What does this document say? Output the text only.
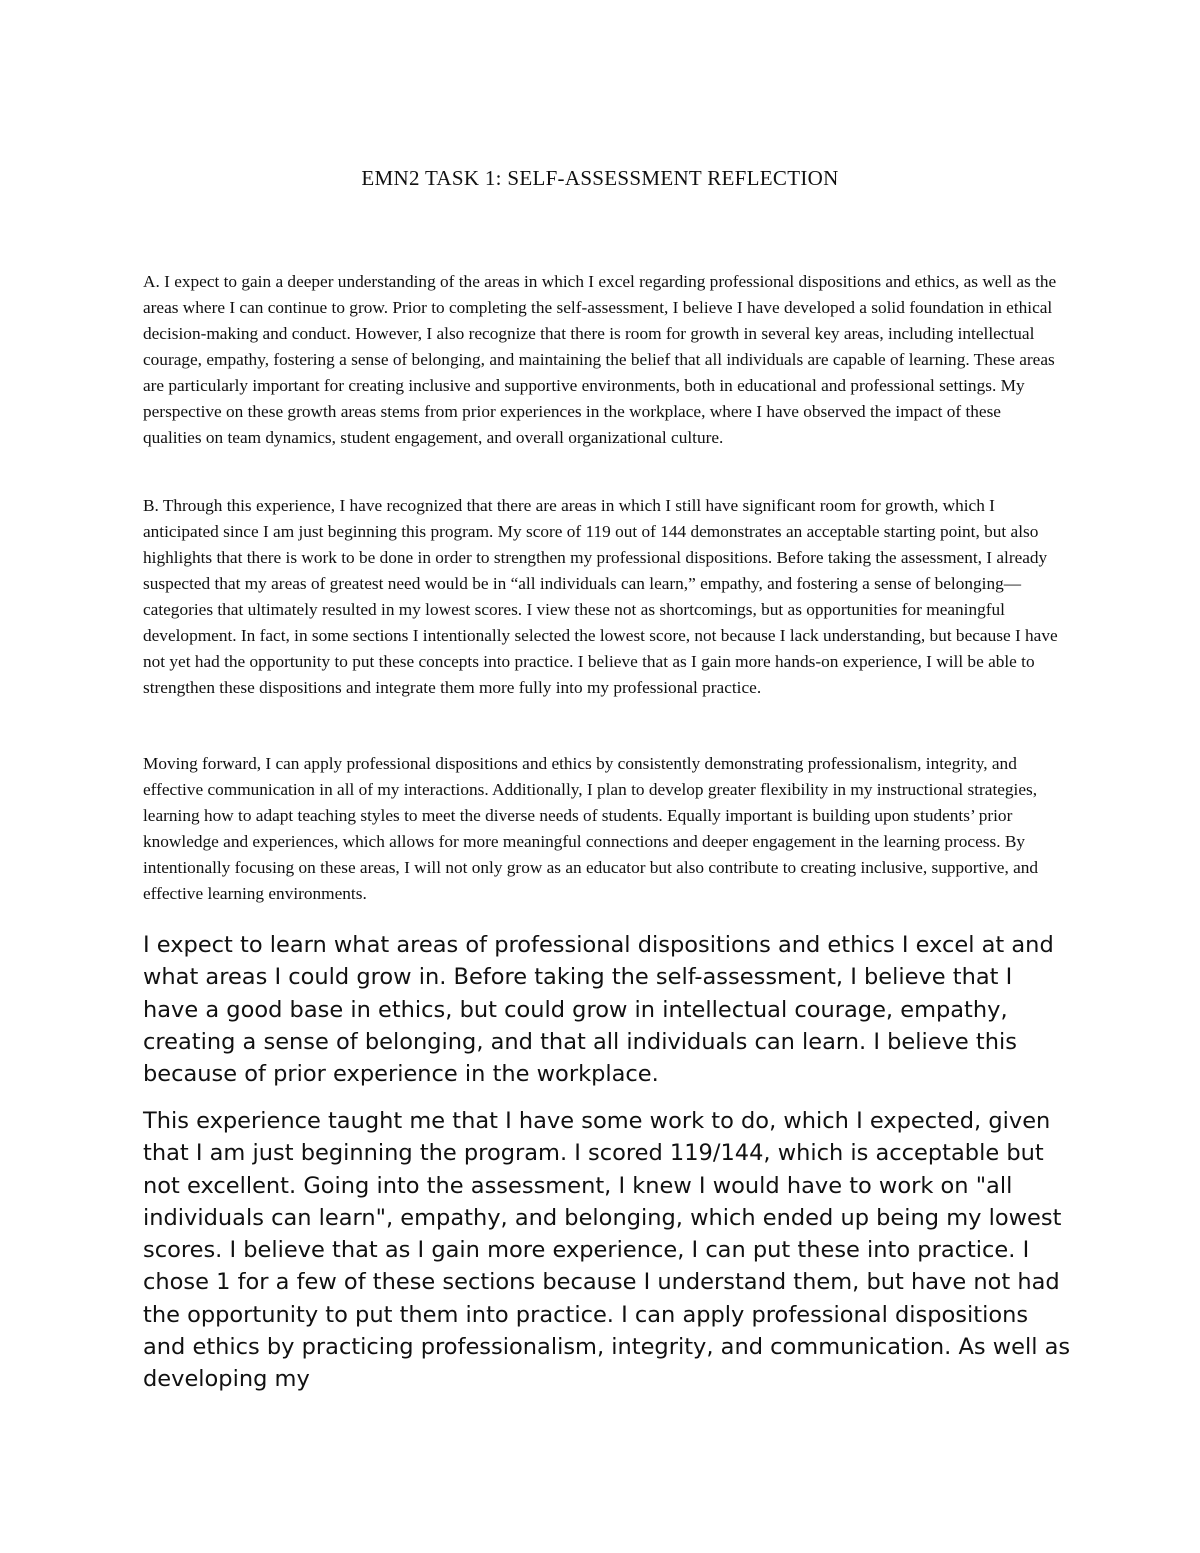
EMN2 TASK 1: SELF-ASSESSMENT REFLECTION

A. I expect to gain a deeper understanding of the areas in which I excel regarding professional dispositions and ethics, as well as the areas where I can continue to grow. Prior to completing the self-assessment, I believe I have developed a solid foundation in ethical decision-making and conduct. However, I also recognize that there is room for growth in several key areas, including intellectual courage, empathy, fostering a sense of belonging, and maintaining the belief that all individuals are capable of learning. These areas are particularly important for creating inclusive and supportive environments, both in educational and professional settings. My perspective on these growth areas stems from prior experiences in the workplace, where I have observed the impact of these qualities on team dynamics, student engagement, and overall organizational culture.

B. Through this experience, I have recognized that there are areas in which I still have significant room for growth, which I anticipated since I am just beginning this program. My score of 119 out of 144 demonstrates an acceptable starting point, but also highlights that there is work to be done in order to strengthen my professional dispositions. Before taking the assessment, I already suspected that my areas of greatest need would be in “all individuals can learn,” empathy, and fostering a sense of belonging—categories that ultimately resulted in my lowest scores. I view these not as shortcomings, but as opportunities for meaningful development. In fact, in some sections I intentionally selected the lowest score, not because I lack understanding, but because I have not yet had the opportunity to put these concepts into practice. I believe that as I gain more hands-on experience, I will be able to strengthen these dispositions and integrate them more fully into my professional practice.

Moving forward, I can apply professional dispositions and ethics by consistently demonstrating professionalism, integrity, and effective communication in all of my interactions. Additionally, I plan to develop greater flexibility in my instructional strategies, learning how to adapt teaching styles to meet the diverse needs of students. Equally important is building upon students’ prior knowledge and experiences, which allows for more meaningful connections and deeper engagement in the learning process. By intentionally focusing on these areas, I will not only grow as an educator but also contribute to creating inclusive, supportive, and effective learning environments.

I expect to learn what areas of professional dispositions and ethics I excel at and what areas I could grow in. Before taking the self-assessment, I believe that I have a good base in ethics, but could grow in intellectual courage, empathy, creating a sense of belonging, and that all individuals can learn. I believe this because of prior experience in the workplace.

This experience taught me that I have some work to do, which I expected, given that I am just beginning the program. I scored 119/144, which is acceptable but not excellent. Going into the assessment, I knew I would have to work on "all individuals can learn", empathy, and belonging, which ended up being my lowest scores. I believe that as I gain more experience, I can put these into practice. I chose 1 for a few of these sections because I understand them, but have not had the opportunity to put them into practice. I can apply professional dispositions and ethics by practicing professionalism, integrity, and communication. As well as developing my
